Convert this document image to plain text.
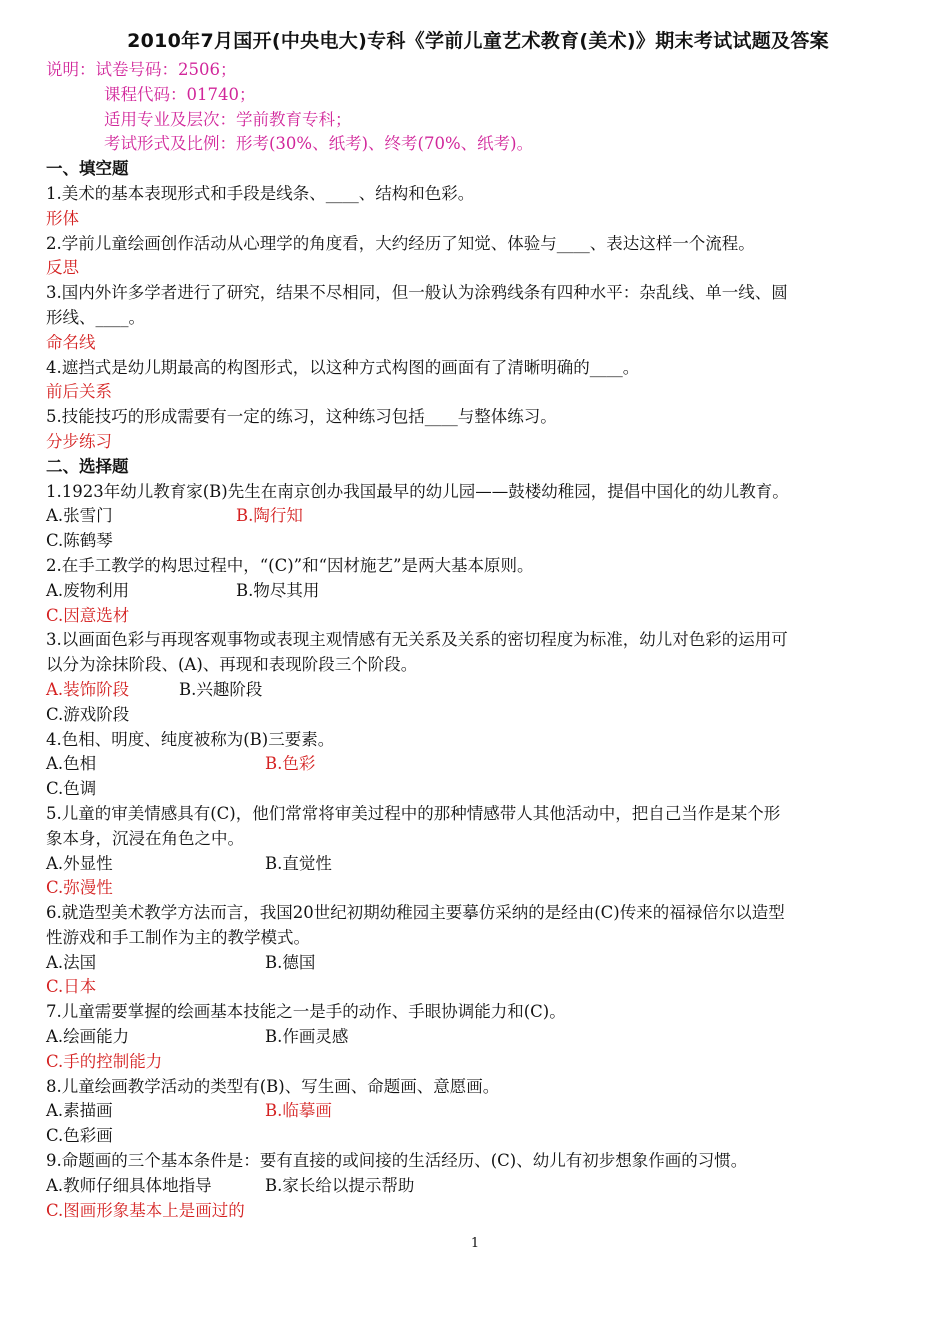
2010年7月国开(中央电大)专科《学前儿童艺术教育(美术)》期末考试试题及答案
说明：试卷号码：2506；
课程代码：01740；
适用专业及层次：学前教育专科；
考试形式及比例：形考(30%、纸考)、终考(70%、纸考)。
一、填空题
1.美术的基本表现形式和手段是线条、____、结构和色彩。
形体
2.学前儿童绘画创作活动从心理学的角度看，大约经历了知觉、体验与____、表达这样一个流程。
反思
3.国内外许多学者进行了研究，结果不尽相同，但一般认为涂鸦线条有四种水平：杂乱线、单一线、圆
形线、____。
命名线
4.遮挡式是幼儿期最高的构图形式，以这种方式构图的画面有了清晰明确的____。
前后关系
5.技能技巧的形成需要有一定的练习，这种练习包括____与整体练习。
分步练习
二、选择题
1.1923年幼儿教育家(B)先生在南京创办我国最早的幼儿园——鼓楼幼稚园，提倡中国化的幼儿教育。
A.张雪门	B.陶行知
C.陈鹤琴
2.在手工教学的构思过程中，“(C)”和“因材施艺”是两大基本原则。
A.废物利用	B.物尽其用
C.因意选材
3.以画面色彩与再现客观事物或表现主观情感有无关系及关系的密切程度为标准，幼儿对色彩的运用可
以分为涂抹阶段、(A)、再现和表现阶段三个阶段。
A.装饰阶段	B.兴趣阶段
C.游戏阶段
4.色相、明度、纯度被称为(B)三要素。
A.色相	B.色彩
C.色调
5.儿童的审美情感具有(C)，他们常常将审美过程中的那种情感带人其他活动中，把自己当作是某个形
象本身，沉浸在角色之中。
A.外显性	B.直觉性
C.弥漫性
6.就造型美术教学方法而言，我国20世纪初期幼稚园主要摹仿采纳的是经由(C)传来的福禄倍尔以造型
性游戏和手工制作为主的教学模式。
A.法国	B.德国
C.日本
7.儿童需要掌握的绘画基本技能之一是手的动作、手眼协调能力和(C)。
A.绘画能力	B.作画灵感
C.手的控制能力
8.儿童绘画教学活动的类型有(B)、写生画、命题画、意愿画。
A.素描画	B.临摹画
C.色彩画
9.命题画的三个基本条件是：要有直接的或间接的生活经历、(C)、幼儿有初步想象作画的习惯。
A.教师仔细具体地指导	B.家长给以提示帮助
C.图画形象基本上是画过的
1
